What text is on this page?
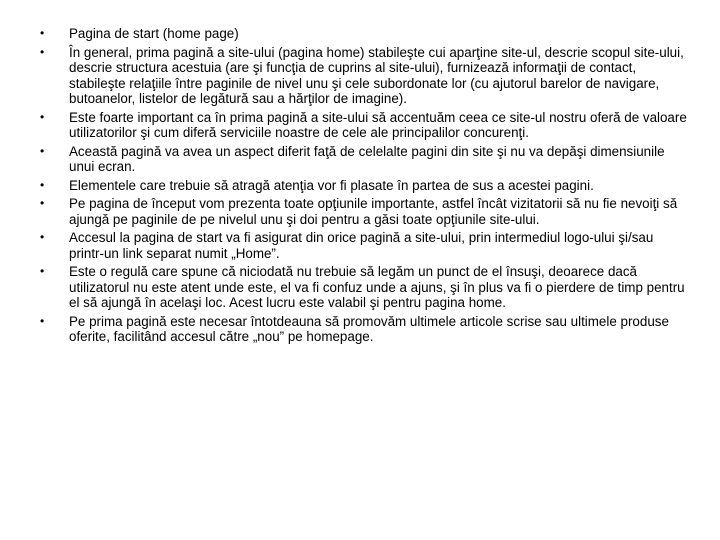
• Pagina de start (home page)
• În general, prima pagină a site-ului (pagina home) stabileşte cui aparţine site-ul, descrie scopul site-ului, descrie structura acestuia (are şi funcţia de cuprins al site-ului), furnizează informaţii de contact, stabileşte relaţiile între paginile de nivel unu şi cele subordonate lor (cu ajutorul barelor de navigare, butoanelor, listelor de legătură sau a hărţilor de imagine).
• Este foarte important ca în prima pagină a site-ului să accentuăm ceea ce site-ul nostru oferă de valoare utilizatorilor şi cum diferă serviciile noastre de cele ale principalilor concurenţi.
• Această pagină va avea un aspect diferit faţă de celelalte pagini din site şi nu va depăşi dimensiunile unui ecran.
• Elementele care trebuie să atragă atenţia vor fi plasate în partea de sus a acestei pagini.
• Pe pagina de început vom prezenta toate opţiunile importante, astfel încât vizitatorii să nu fie nevoiţi să ajungă pe paginile de pe nivelul unu şi doi pentru a găsi toate opţiunile site-ului.
• Accesul la pagina de start va fi asigurat din orice pagină a site-ului, prin intermediul logo-ului şi/sau printr-un link separat numit „Home”.
• Este o regulă care spune că niciodată nu trebuie să legăm un punct de el însuşi, deoarece dacă utilizatorul nu este atent unde este, el va fi confuz unde a ajuns, şi în plus va fi o pierdere de timp pentru el să ajungă în acelaşi loc. Acest lucru este valabil şi pentru pagina home.
• Pe prima pagină este necesar întotdeauna să promovăm ultimele articole scrise sau ultimele produse oferite, facilitând accesul către „nou” pe homepage.
